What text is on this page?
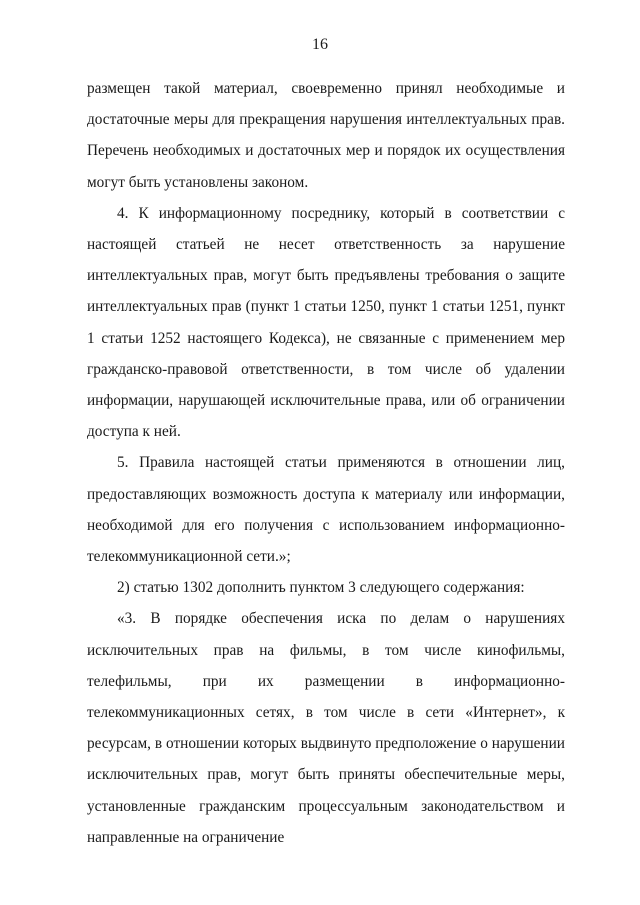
16

размещен такой материал, своевременно принял необходимые и достаточные меры для прекращения нарушения интеллектуальных прав. Перечень необходимых и достаточных мер и порядок их осуществления могут быть установлены законом.

4. К информационному посреднику, который в соответствии с настоящей статьей не несет ответственность за нарушение интеллектуальных прав, могут быть предъявлены требования о защите интеллектуальных прав (пункт 1 статьи 1250, пункт 1 статьи 1251, пункт 1 статьи 1252 настоящего Кодекса), не связанные с применением мер гражданско-правовой ответственности, в том числе об удалении информации, нарушающей исключительные права, или об ограничении доступа к ней.

5. Правила настоящей статьи применяются в отношении лиц, предоставляющих возможность доступа к материалу или информации, необходимой для его получения с использованием информационно-телекоммуникационной сети.»;

2) статью 1302 дополнить пунктом 3 следующего содержания:

«3. В порядке обеспечения иска по делам о нарушениях исключительных прав на фильмы, в том числе кинофильмы, телефильмы, при их размещении в информационно-телекоммуникационных сетях, в том числе в сети «Интернет», к ресурсам, в отношении которых выдвинуто предположение о нарушении исключительных прав, могут быть приняты обеспечительные меры, установленные гражданским процессуальным законодательством и направленные на ограничение
